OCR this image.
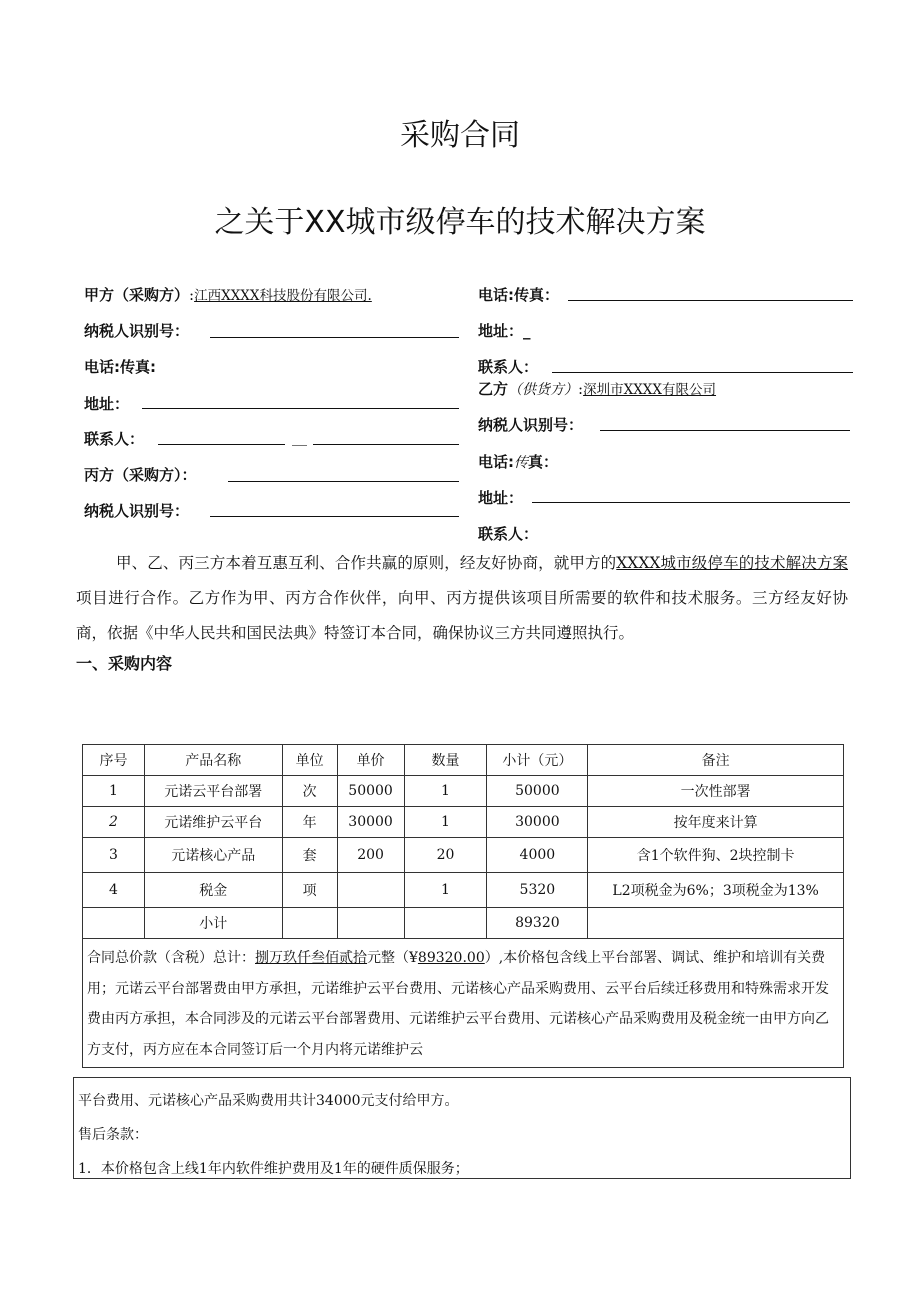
采购合同
之关于XX城市级停车的技术解决方案
甲方（采购方）:江西XXXX科技股份有限公司.
纳税人识别号：
电话:传真:
地址：
联系人：	__
丙方（采购方）：
纳税人识别号：
电话:传真：
地址：_
联系人：
乙方（供货方）:深圳市XXXX有限公司
纳税人识别号：
电话:传真：
地址：
联系人：

甲、乙、丙三方本着互惠互利、合作共赢的原则，经友好协商，就甲方的XXXX城市级停车的技术解决方案项目进行合作。乙方作为甲、丙方合作伙伴，向甲、丙方提供该项目所需要的软件和技术服务。三方经友好协商，依据《中华人民共和国民法典》特签订本合同，确保协议三方共同遵照执行。

一、采购内容
序号	产品名称	单位	单价	数量	小计（元）	备注
1	元诺云平台部署	次	50000	1	50000	一次性部署
2	元诺维护云平台	年	30000	1	30000	按年度来计算
3	元诺核心产品	套	200	20	4000	含1个软件狗、2块控制卡
4	税金	项		1	5320	L2项税金为6%；3项税金为13%
	小计				89320	
合同总价款（含税）总计：捌万玖仟叁佰贰拾元整（¥89320.00）,本价格包含线上平台部署、调试、维护和培训有关费用；元诺云平台部署费由甲方承担，元诺维护云平台费用、元诺核心产品采购费用、云平台后续迁移费用和特殊需求开发费由丙方承担，本合同涉及的元诺云平台部署费用、元诺维护云平台费用、元诺核心产品采购费用及税金统一由甲方向乙方支付，丙方应在本合同签订后一个月内将元诺维护云						

平台费用、元诺核心产品采购费用共计34000元支付给甲方。

售后条款：

1．本价格包含上线1年内软件维护费用及1年的硬件质保服务；
